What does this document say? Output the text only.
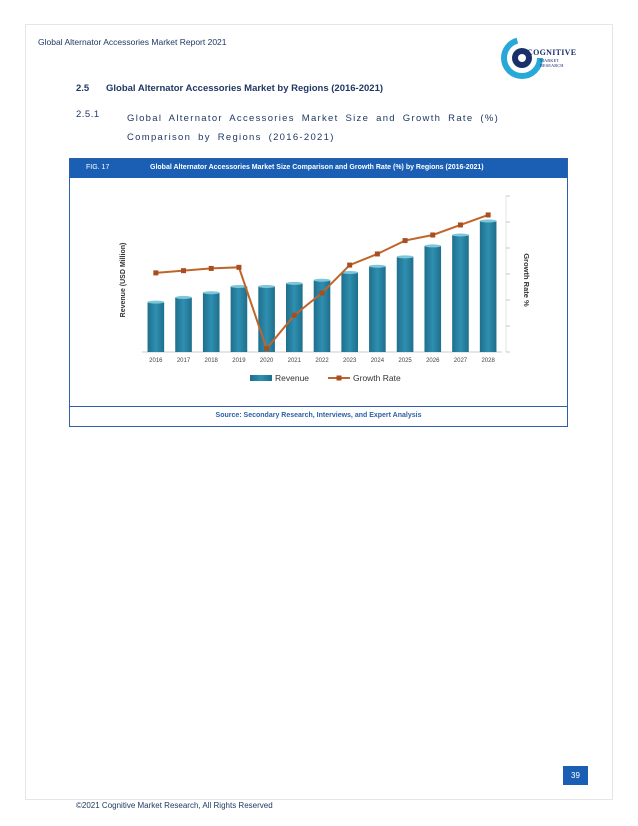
Global Alternator Accessories Market Report 2021
COGNITIVE
MARKET
RESEARCH
2.5 Global Alternator Accessories Market by Regions (2016-2021)
2.5.1	Global Alternator Accessories Market Size and Growth Rate (%) Comparison by Regions (2016-2021)
FIG. 17	Global Alternator Accessories Market Size Comparison and Growth Rate (%) by Regions (2016-2021)
2016 2017 2018 2019 2020 2021 2022 2023 2024 2025 2026 2027 2028
Revenue (USD Million)	Growth Rate %
Revenue	Growth Rate
Source: Secondary Research, Interviews, and Expert Analysis
39
©2021 Cognitive Market Research, All Rights Reserved
